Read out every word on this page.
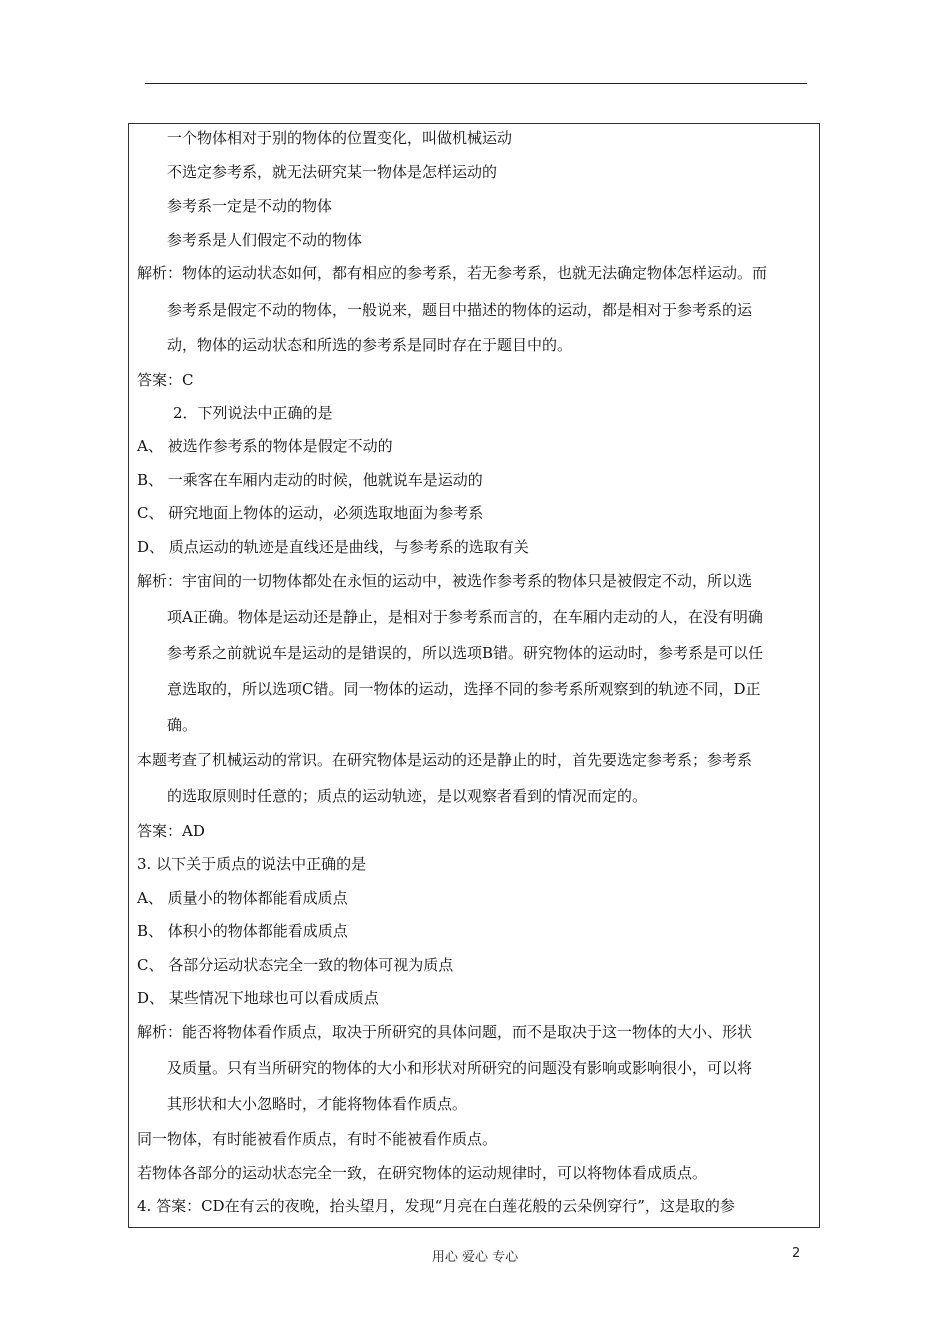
一个物体相对于别的物体的位置变化，叫做机械运动
不选定参考系，就无法研究某一物体是怎样运动的
参考系一定是不动的物体
参考系是人们假定不动的物体
解析：物体的运动状态如何，都有相应的参考系，若无参考系，也就无法确定物体怎样运动。而
参考系是假定不动的物体，一般说来，题目中描述的物体的运动，都是相对于参考系的运
动，物体的运动状态和所选的参考系是同时存在于题目中的。
答案：C
2．下列说法中正确的是
A、 被选作参考系的物体是假定不动的
B、 一乘客在车厢内走动的时候，他就说车是运动的
C、 研究地面上物体的运动，必须选取地面为参考系
D、 质点运动的轨迹是直线还是曲线，与参考系的选取有关
解析：宇宙间的一切物体都处在永恒的运动中，被选作参考系的物体只是被假定不动，所以选
项A正确。物体是运动还是静止，是相对于参考系而言的，在车厢内走动的人，在没有明确
参考系之前就说车是运动的是错误的，所以选项B错。研究物体的运动时，参考系是可以任
意选取的，所以选项C错。同一物体的运动，选择不同的参考系所观察到的轨迹不同，D正
确。
本题考查了机械运动的常识。在研究物体是运动的还是静止的时，首先要选定参考系；参考系
的选取原则时任意的；质点的运动轨迹，是以观察者看到的情况而定的。
答案：AD
3. 以下关于质点的说法中正确的是
A、 质量小的物体都能看成质点
B、 体积小的物体都能看成质点
C、 各部分运动状态完全一致的物体可视为质点
D、 某些情况下地球也可以看成质点
解析：能否将物体看作质点，取决于所研究的具体问题，而不是取决于这一物体的大小、形状
及质量。只有当所研究的物体的大小和形状对所研究的问题没有影响或影响很小，可以将
其形状和大小忽略时，才能将物体看作质点。
同一物体，有时能被看作质点，有时不能被看作质点。
若物体各部分的运动状态完全一致，在研究物体的运动规律时，可以将物体看成质点。
4. 答案：CD在有云的夜晚，抬头望月，发现“月亮在白莲花般的云朵例穿行”，这是取的参
用心 爱心 专心	2
